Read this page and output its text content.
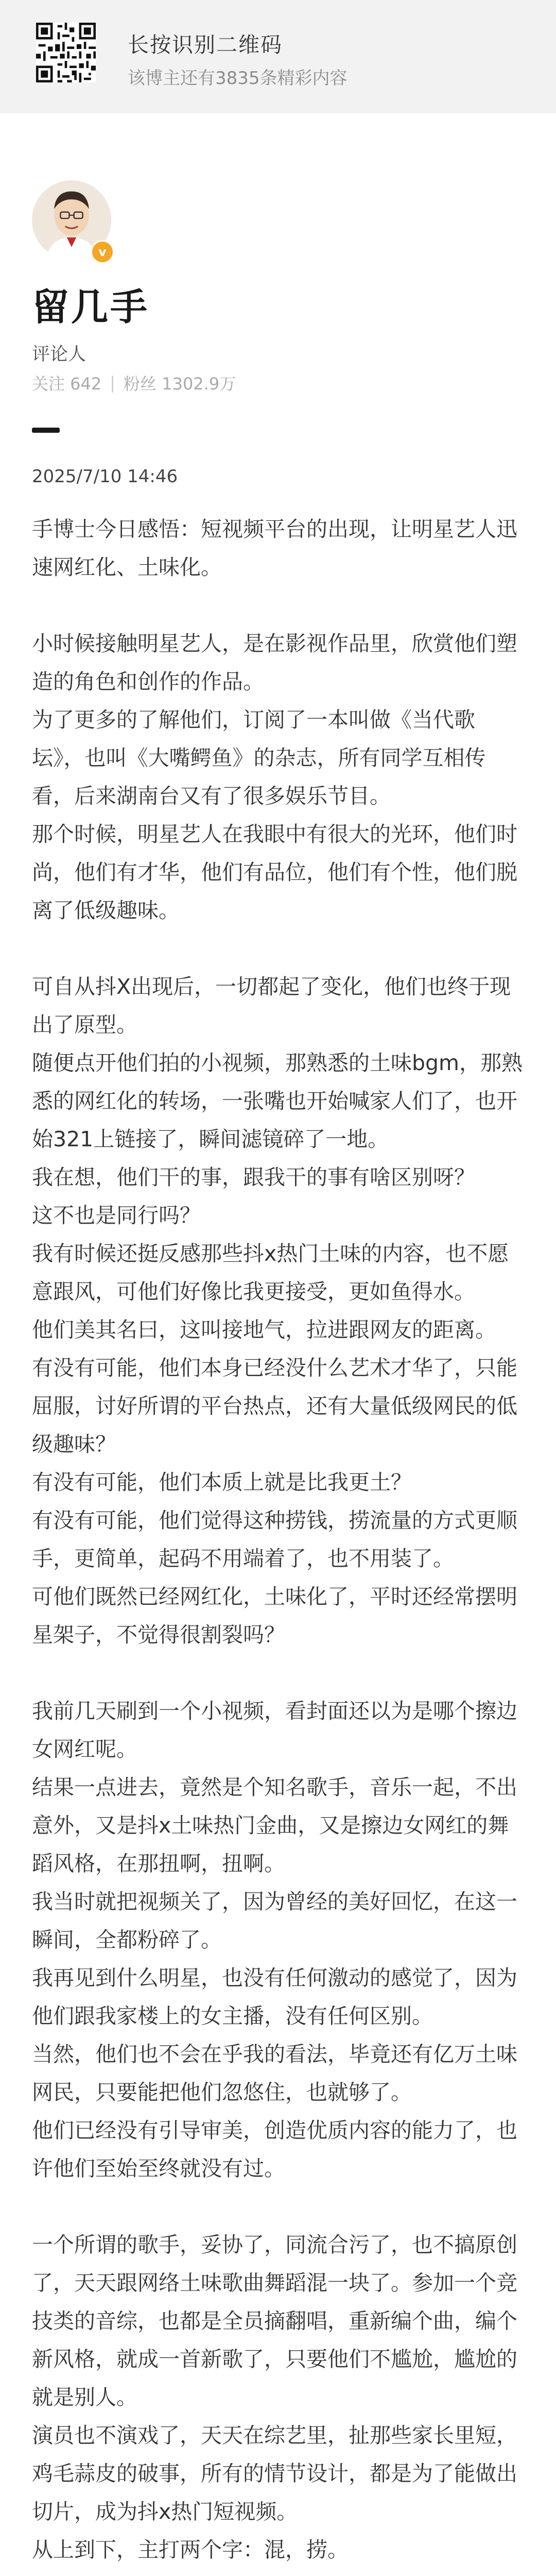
长按识别二维码
该博主还有3835条精彩内容
v
留几手
评论人
关注 642 | 粉丝 1302.9万
2025/7/10 14:46

手博士今日感悟：短视频平台的出现，让明星艺人迅速网红化、土味化。

小时候接触明星艺人，是在影视作品里，欣赏他们塑造的角色和创作的作品。

为了更多的了解他们，订阅了一本叫做《当代歌坛》，也叫《大嘴鳄鱼》的杂志，所有同学互相传看，后来湖南台又有了很多娱乐节目。

那个时候，明星艺人在我眼中有很大的光环，他们时尚，他们有才华，他们有品位，他们有个性，他们脱离了低级趣味。

可自从抖X出现后，一切都起了变化，他们也终于现出了原型。

随便点开他们拍的小视频，那熟悉的土味bgm，那熟悉的网红化的转场，一张嘴也开始喊家人们了，也开始321上链接了，瞬间滤镜碎了一地。

我在想，他们干的事，跟我干的事有啥区别呀？

这不也是同行吗？

我有时候还挺反感那些抖x热门土味的内容，也不愿意跟风，可他们好像比我更接受，更如鱼得水。

他们美其名曰，这叫接地气，拉进跟网友的距离。

有没有可能，他们本身已经没什么艺术才华了，只能屈服，讨好所谓的平台热点，还有大量低级网民的低级趣味？

有没有可能，他们本质上就是比我更土？

有没有可能，他们觉得这种捞钱，捞流量的方式更顺手，更简单，起码不用端着了，也不用装了。

可他们既然已经网红化，土味化了，平时还经常摆明星架子，不觉得很割裂吗？

我前几天刷到一个小视频，看封面还以为是哪个擦边女网红呢。

结果一点进去，竟然是个知名歌手，音乐一起，不出意外，又是抖x土味热门金曲，又是擦边女网红的舞蹈风格，在那扭啊，扭啊。

我当时就把视频关了，因为曾经的美好回忆，在这一瞬间，全都粉碎了。

我再见到什么明星，也没有任何激动的感觉了，因为他们跟我家楼上的女主播，没有任何区别。

当然，他们也不会在乎我的看法，毕竟还有亿万土味网民，只要能把他们忽悠住，也就够了。

他们已经没有引导审美，创造优质内容的能力了，也许他们至始至终就没有过。

一个所谓的歌手，妥协了，同流合污了，也不搞原创了，天天跟网络土味歌曲舞蹈混一块了。参加一个竞技类的音综，也都是全员摘翻唱，重新编个曲，编个新风格，就成一首新歌了，只要他们不尴尬，尴尬的就是别人。

演员也不演戏了，天天在综艺里，扯那些家长里短，鸡毛蒜皮的破事，所有的情节设计，都是为了能做出切片，成为抖x热门短视频。

从上到下，主打两个字：混，捞。
